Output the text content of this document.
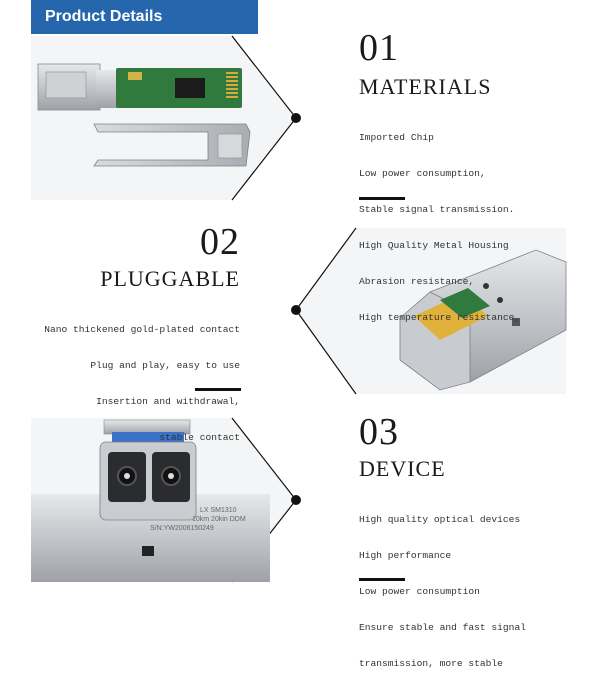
Product Details
LX SM1310
10km 20kin DDM
S/N:YW2006150249
01
MATERIALS

Imported Chip

Low power consumption,

Stable signal transmission.

High Quality Metal Housing

Abrasion resistance,

High temperature resistance,

02
PLUGGABLE

Nano thickened gold-plated contact

Plug and play, easy to use

Insertion and withdrawal,

stable contact	03
DEVICE

High quality optical devices

High performance

Low power consumption

Ensure stable and fast signal

transmission, more stable
